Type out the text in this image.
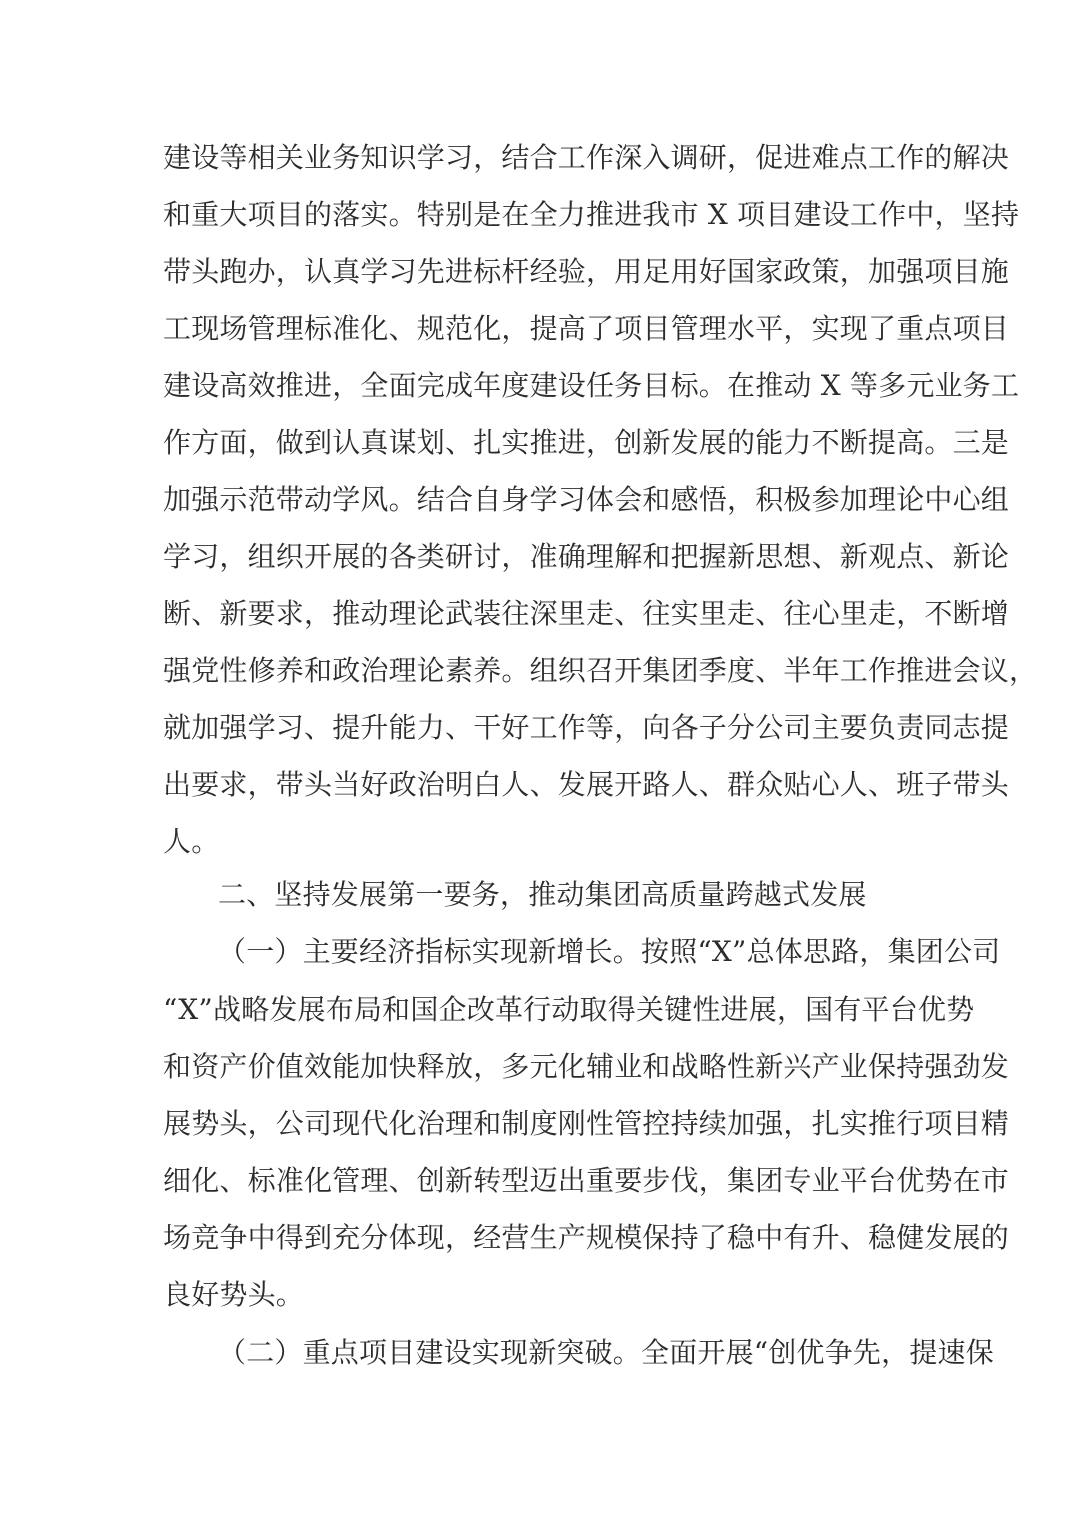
建设等相关业务知识学习，结合工作深入调研，促进难点工作的解决
和重大项目的落实。特别是在全力推进我市 X 项目建设工作中，坚持
带头跑办，认真学习先进标杆经验，用足用好国家政策，加强项目施
工现场管理标准化、规范化，提高了项目管理水平，实现了重点项目
建设高效推进，全面完成年度建设任务目标。在推动 X 等多元业务工
作方面，做到认真谋划、扎实推进，创新发展的能力不断提高。三是
加强示范带动学风。结合自身学习体会和感悟，积极参加理论中心组
学习，组织开展的各类研讨，准确理解和把握新思想、新观点、新论
断、新要求，推动理论武装往深里走、往实里走、往心里走，不断增
强党性修养和政治理论素养。组织召开集团季度、半年工作推进会议，
就加强学习、提升能力、干好工作等，向各子分公司主要负责同志提
出要求，带头当好政治明白人、发展开路人、群众贴心人、班子带头
人。
二、坚持发展第一要务，推动集团高质量跨越式发展
（一）主要经济指标实现新增长。按照“X”总体思路，集团公司
“X”战略发展布局和国企改革行动取得关键性进展，国有平台优势
和资产价值效能加快释放，多元化辅业和战略性新兴产业保持强劲发
展势头，公司现代化治理和制度刚性管控持续加强，扎实推行项目精
细化、标准化管理、创新转型迈出重要步伐，集团专业平台优势在市
场竞争中得到充分体现，经营生产规模保持了稳中有升、稳健发展的
良好势头。
（二）重点项目建设实现新突破。全面开展“创优争先，提速保
